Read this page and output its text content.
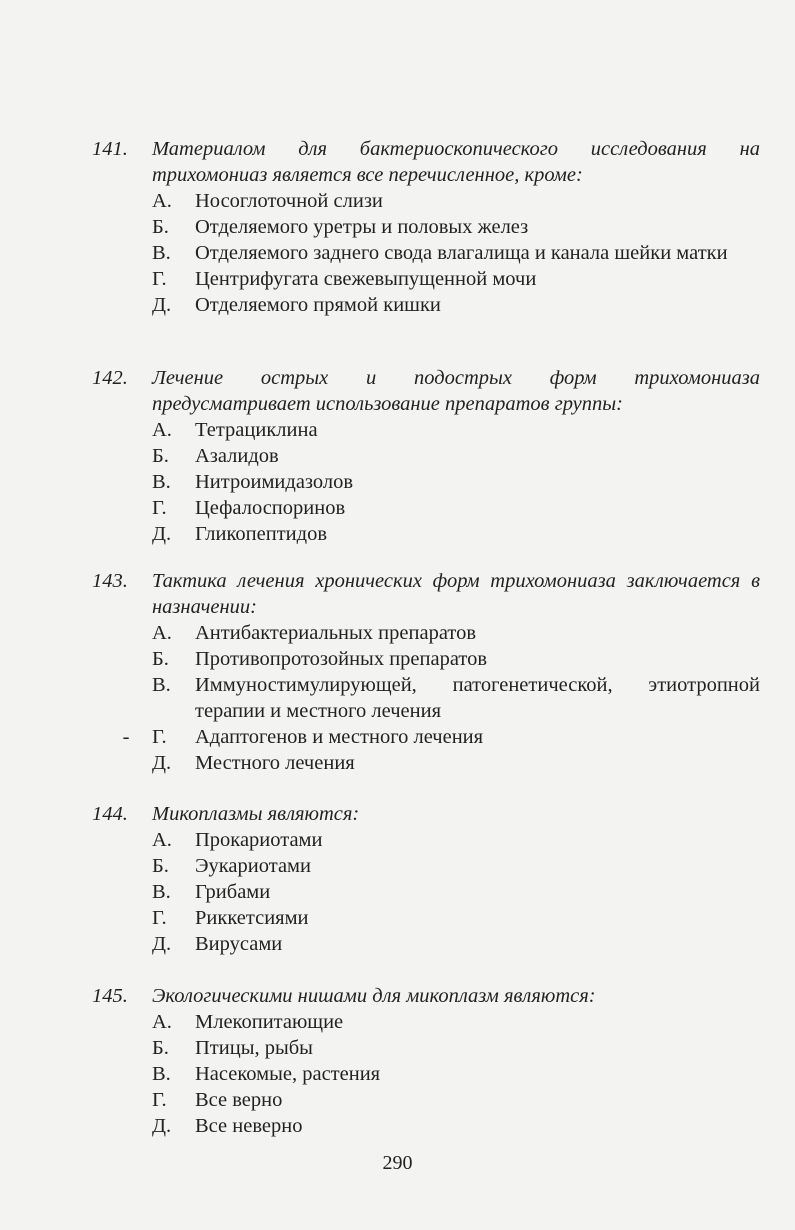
141.	Материалом для бактериоскопического исследования на трихомониаз является все перечисленное, кроме:
А.	Носоглоточной слизи
Б.	Отделяемого уретры и половых желез
В.	Отделяемого заднего свода влагалища и канала шейки матки
Г.	Центрифугата свежевыпущенной мочи
Д.	Отделяемого прямой кишки
142.	Лечение острых и подострых форм трихомониаза предусматривает использование препаратов группы:
А.	Тетрациклина
Б.	Азалидов
В.	Нитроимидазолов
Г.	Цефалоспоринов
Д.	Гликопептидов
143.	Тактика лечения хронических форм трихомониаза заключается в назначении:
А.	Антибактериальных препаратов
Б.	Противопротозойных препаратов
В.	Иммуностимулирующей, патогенетической, этиотропной терапии и местного лечения
- Г.	Адаптогенов и местного лечения
Д.	Местного лечения
144.	Микоплазмы являются:
А.	Прокариотами
Б.	Эукариотами
В.	Грибами
Г.	Риккетсиями
Д.	Вирусами
145.	Экологическими нишами для микоплазм являются:
А.	Млекопитающие
Б.	Птицы, рыбы
В.	Насекомые, растения
Г.	Все верно
Д.	Все неверно
290
